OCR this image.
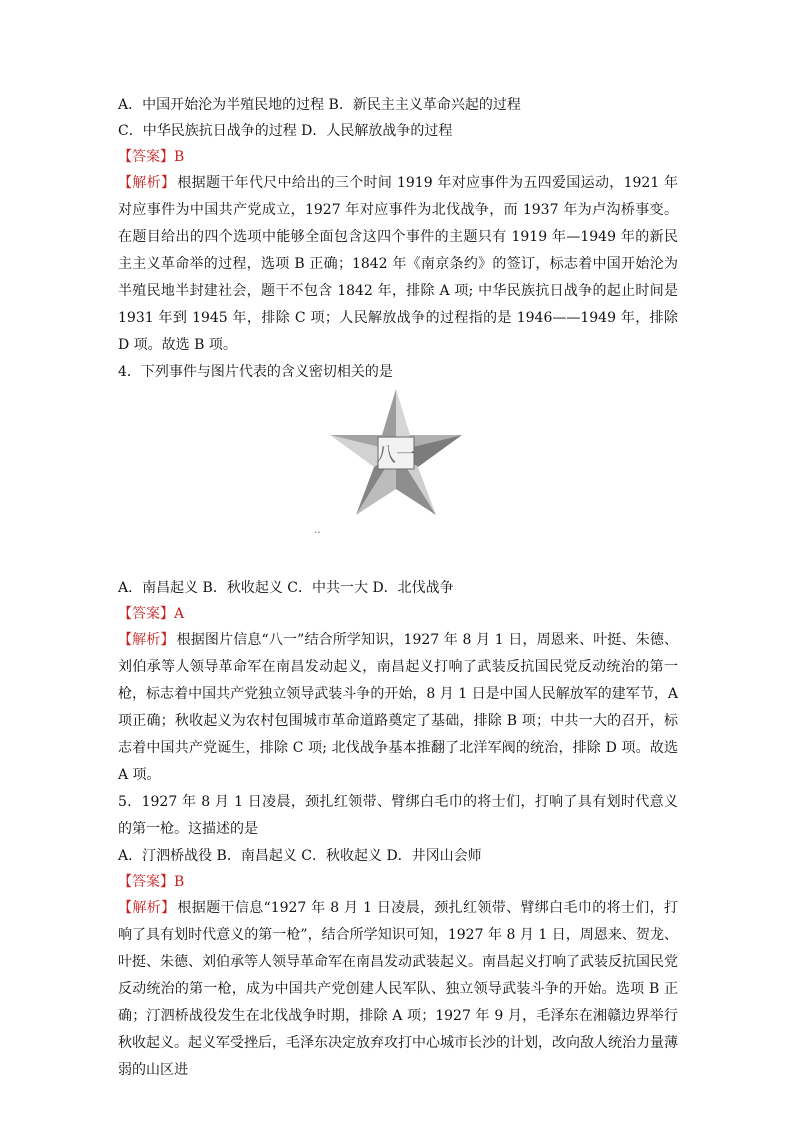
A．中国开始沦为半殖民地的过程 B．新民主主义革命兴起的过程

C．中华民族抗日战争的过程 D．人民解放战争的过程

【答案】B

【解析】 根据题干年代尺中给出的三个时间 1919 年对应事件为五四爱国运动，1921 年对应事件为中国共产党成立，1927 年对应事件为北伐战争，而 1937 年为卢沟桥事变。在题目给出的四个选项中能够全面包含这四个事件的主题只有 1919 年—1949 年的新民主主义革命举的过程，选项 B 正确；1842 年《南京条约》的签订，标志着中国开始沦为半殖民地半封建社会，题干不包含 1842 年，排除 A 项; 中华民族抗日战争的起止时间是 1931 年到 1945 年，排除 C 项；人民解放战争的过程指的是 1946——1949 年，排除 D 项。故选 B 项。

4．下列事件与图片代表的含义密切相关的是

八一
‥

A．南昌起义 B．秋收起义 C．中共一大 D．北伐战争

【答案】A

【解析】 根据图片信息“八一”结合所学知识，1927 年 8 月 1 日，周恩来、叶挺、朱德、刘伯承等人领导革命军在南昌发动起义，南昌起义打响了武装反抗国民党反动统治的第一枪，标志着中国共产党独立领导武装斗争的开始，8 月 1 日是中国人民解放军的建军节，A 项正确；秋收起义为农村包围城市革命道路奠定了基础，排除 B 项；中共一大的召开，标志着中国共产党诞生，排除 C 项; 北伐战争基本推翻了北洋军阀的统治，排除 D 项。故选 A 项。

5．1927 年 8 月 1 日凌晨，颈扎红领带、臂绑白毛巾的将士们，打响了具有划时代意义的第一枪。这描述的是

A．汀泗桥战役 B．南昌起义 C．秋收起义 D．井冈山会师

【答案】B

【解析】 根据题干信息“1927 年 8 月 1 日凌晨，颈扎红领带、臂绑白毛巾的将士们，打响了具有划时代意义的第一枪”，结合所学知识可知，1927 年 8 月 1 日，周恩来、贺龙、叶挺、朱德、刘伯承等人领导革命军在南昌发动武装起义。南昌起义打响了武装反抗国民党反动统治的第一枪，成为中国共产党创建人民军队、独立领导武装斗争的开始。选项 B 正确；汀泗桥战役发生在北伐战争时期，排除 A 项；1927 年 9 月，毛泽东在湘赣边界举行秋收起义。起义军受挫后，毛泽东决定放弃攻打中心城市长沙的计划，改向敌人统治力量薄弱的山区进
